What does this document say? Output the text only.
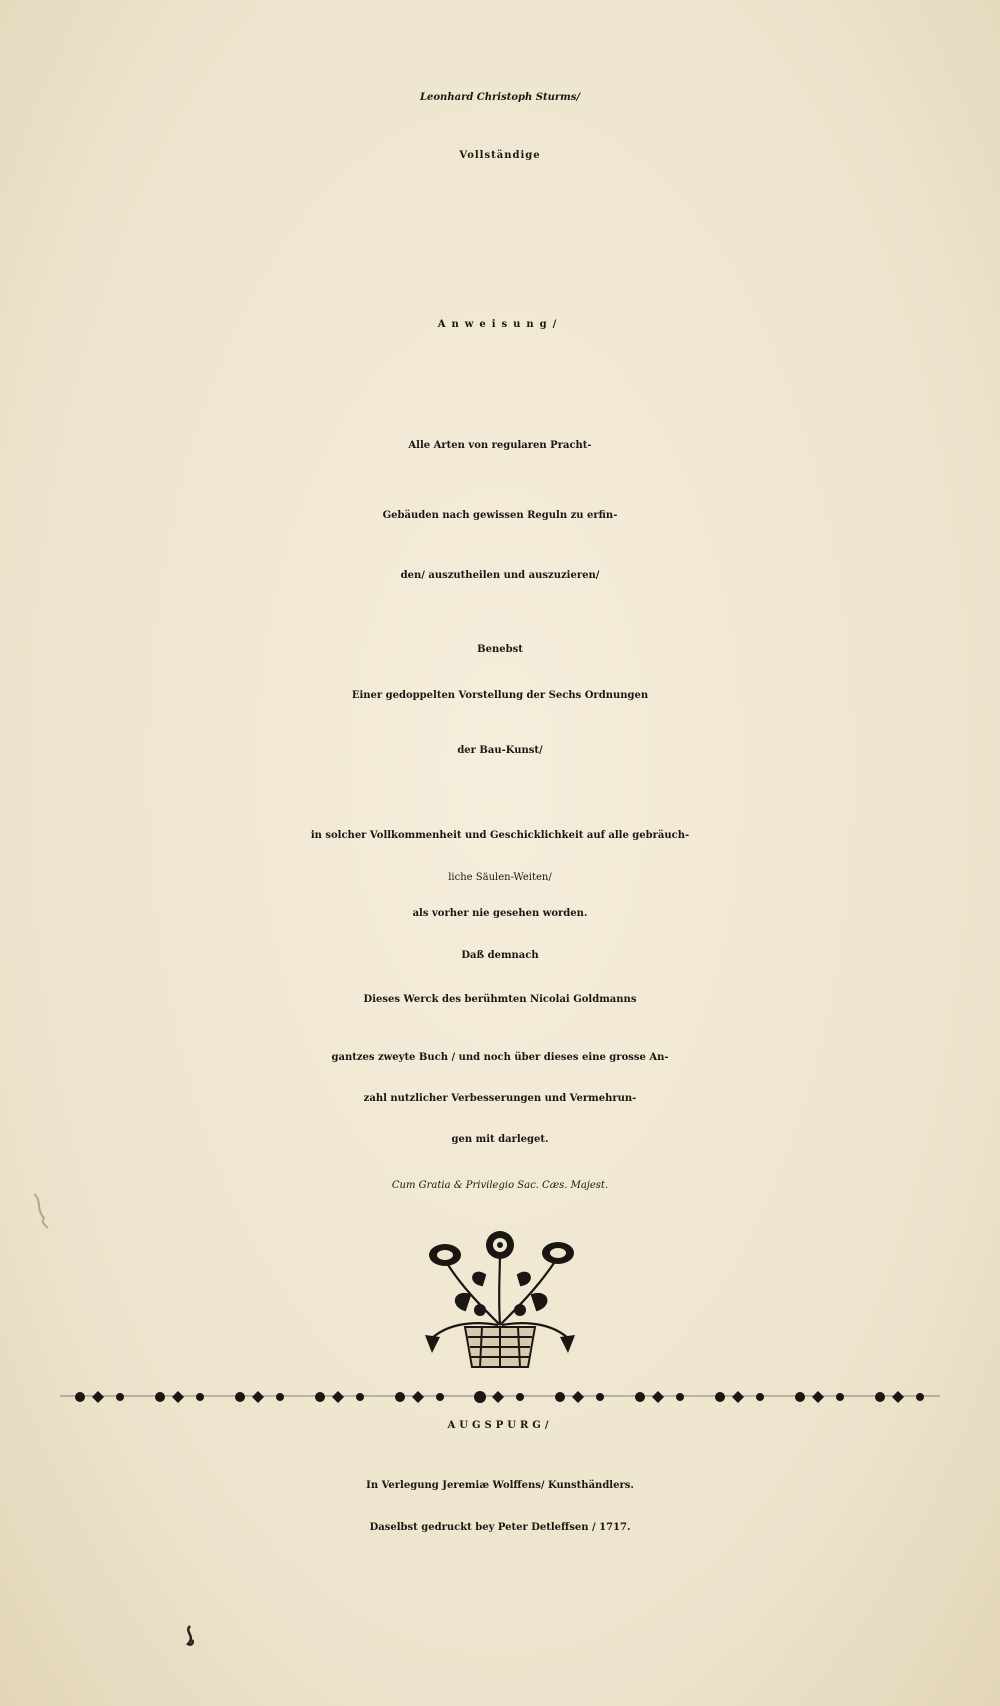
Leonhard Christoph Sturms/
Vollständige
Anweisung/
Alle Arten von regularen Pracht-
Gebäuden nach gewissen Reguln zu erfin-
den/ auszutheilen und auszuzieren/
Benebst
Einer gedoppelten Vorstellung der Sechs Ordnungen
der Bau-Kunst/
in solcher Vollkommenheit und Geschicklichkeit auf alle gebräuch-
liche Säulen-Weiten/
als vorher nie gesehen worden.
Daß demnach
Dieses Werck des berühmten Nicolai Goldmanns
gantzes zweyte Buch / und noch über dieses eine grosse An-
zahl nutzlicher Verbesserungen und Vermehrun-
gen mit darleget.
Cum Gratia & Privilegio Sac. Cæs. Majest.
AUGSPURG/
In Verlegung Jeremiæ Wolffens/ Kunsthändlers.
Daselbst gedruckt bey Peter Detleffsen / 1717.
